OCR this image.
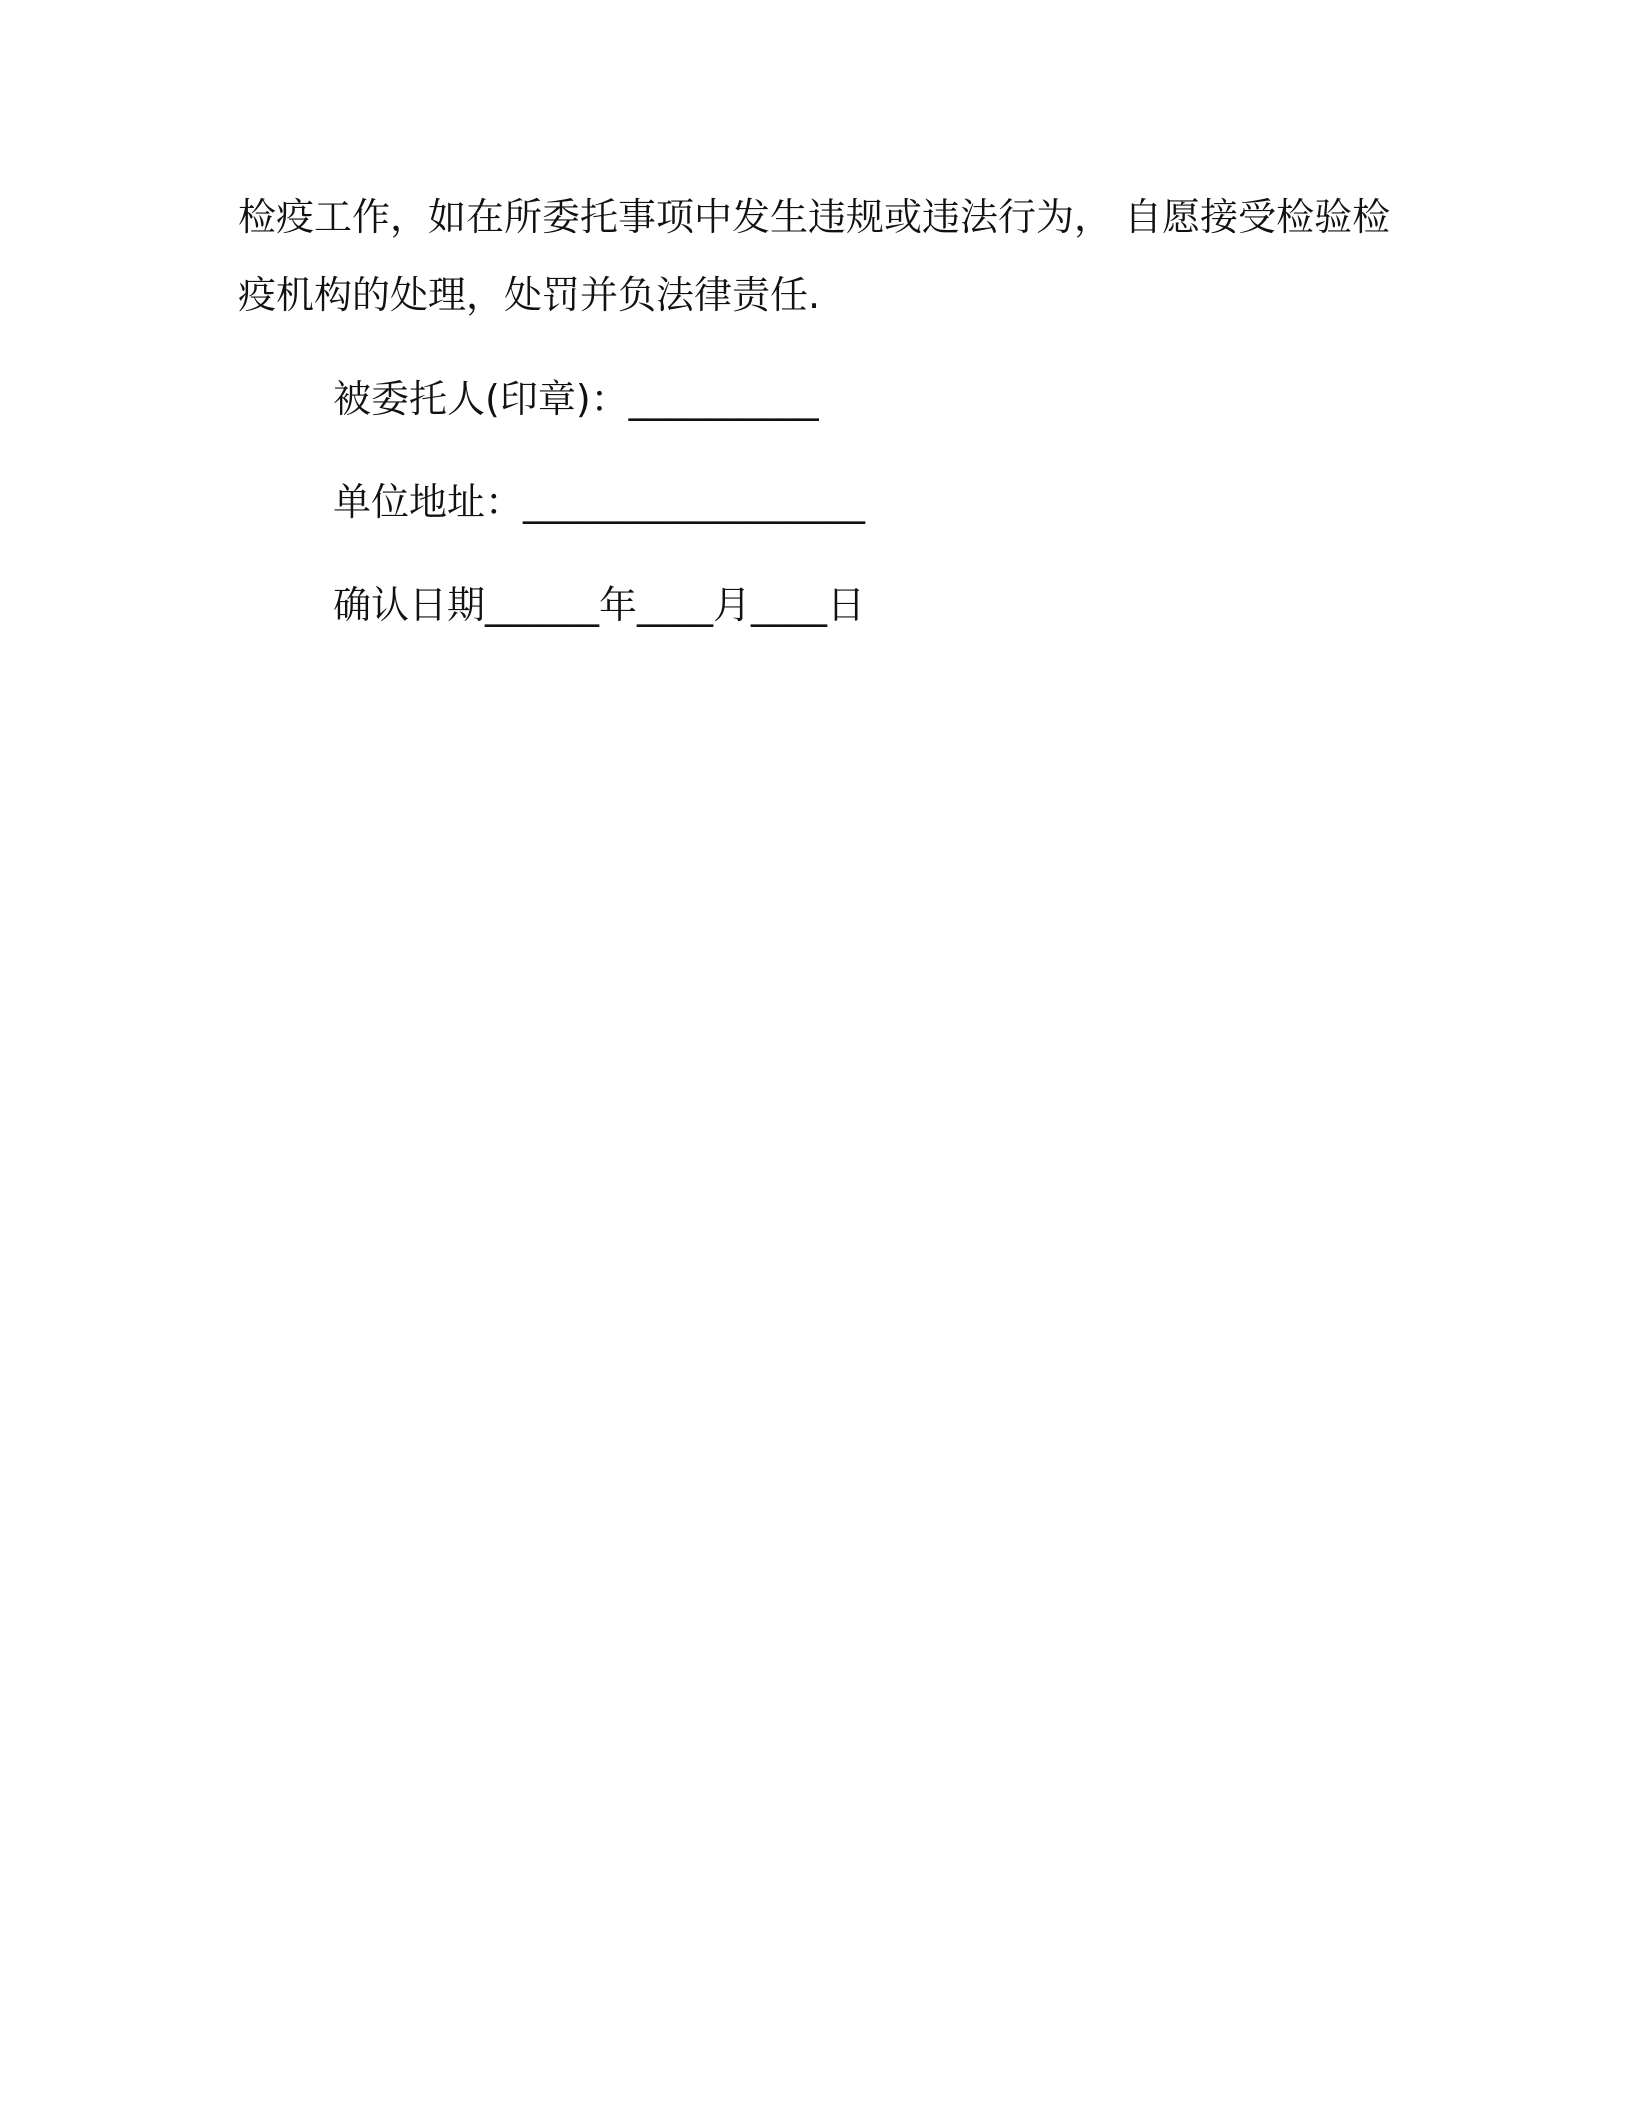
检疫工作，如在所委托事项中发生违规或违法行为， 自愿接受检验检

疫机构的处理，处罚并负法律责任.

被委托人(印章)：__________

单位地址：__________________

确认日期______年____月____日
